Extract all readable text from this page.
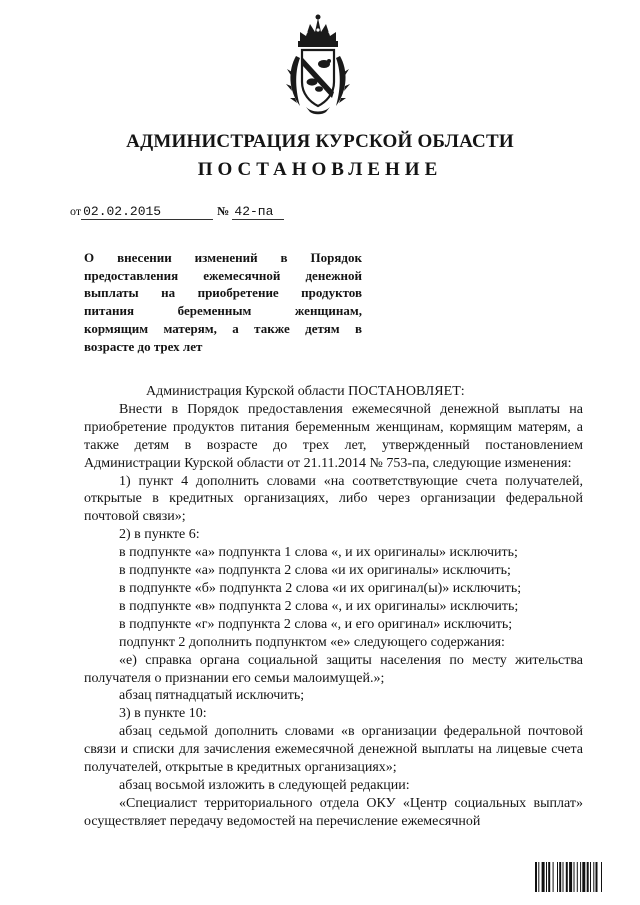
АДМИНИСТРАЦИЯ КУРСКОЙ ОБЛАСТИ
ПОСТАНОВЛЕНИЕ
от 02.02.2015	№ 42-па
О внесении изменений в Порядок
предоставления ежемесячной денежной
выплаты на приобретение продуктов
питания беременным женщинам,
кормящим матерям, а также детям в
возрасте до трех лет
Администрация Курской области ПОСТАНОВЛЯЕТ:
Внести в Порядок предоставления ежемесячной денежной выплаты на приобретение продуктов питания беременным женщинам, кормящим матерям, а также детям в возрасте до трех лет, утвержденный постановлением Администрации Курской области от 21.11.2014 № 753-па, следующие изменения:
1) пункт 4 дополнить словами «на соответствующие счета получателей, открытые в кредитных организациях, либо через организации федеральной почтовой связи»;
2) в пункте 6:
в подпункте «а» подпункта 1 слова «, и их оригиналы» исключить;
в подпункте «а» подпункта 2 слова «и их оригиналы» исключить;
в подпункте «б» подпункта 2 слова «и их оригинал(ы)» исключить;
в подпункте «в» подпункта 2 слова «, и их оригиналы» исключить;
в подпункте «г» подпункта 2 слова «, и его оригинал» исключить;
подпункт 2 дополнить подпунктом «е» следующего содержания:
«е) справка органа социальной защиты населения по месту жительства получателя о признании его семьи малоимущей.»;
абзац пятнадцатый исключить;
3) в пункте 10:
абзац седьмой дополнить словами «в организации федеральной почтовой связи и списки для зачисления ежемесячной денежной выплаты на лицевые счета получателей, открытые в кредитных организациях»;
абзац восьмой изложить в следующей редакции:
«Специалист территориального отдела ОКУ «Центр социальных выплат» осуществляет передачу ведомостей на перечисление ежемесячной
